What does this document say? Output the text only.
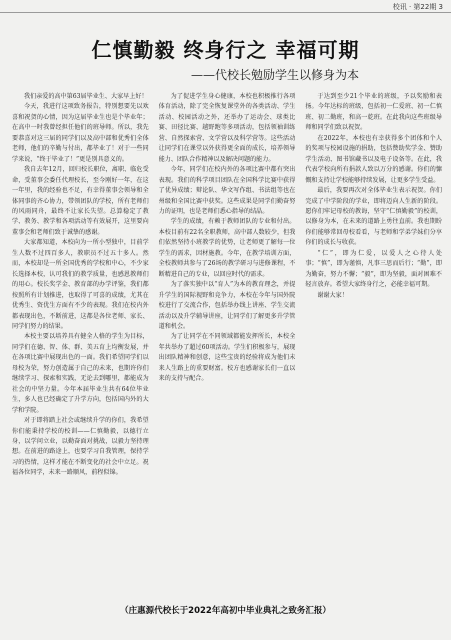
校讯 · 第22期 3
仁慎勤毅 终身行之 幸福可期
——代校长勉励学生以修身为本

我们亲爱的高中第63届毕业生、大家早上好！

今天，我进行这项致务报告，特别想要先以欢喜和祝贺的心情，因为这届毕业生也是个毕业年；在高中一时我曾经担任他们的班导师。所以，我先要恭喜对这三届的同学们以及高中部和优秀们全体老师，他们的辛勤与付出，都毕业了！对于一些同学来说，“终于毕业了！”更是别具意义的。

我自去年12月，回归校长职位，离职、临危受命，受董事会委任代理校长，至今刚好一年，在这一年里，我的经验也不足，有幸得董事会领导和全体同事的齐心协力，带领团队的学校，所有老师们的风雨同舟，最终不让家长失望。总算稳定了教学、教务、教学和各项活动等有效展开，这里要向董事会和老师们致于诚挚的感谢。

大家都知道，本校向为一所小型独中，目前学生人数不过四百多人，教职员不过五十多人。然而，本校却是一所全国优秀的学校和中心，不少家长选择本校，认可我们的教学质量，也感恩教师们的用心。校长奖学金、教育部的办学评鉴，我们都按照所有计划推进，也取得了可喜的成绩，尤其在优秀生、资优生方面有不少的表现。我们在校内外都表现出色，不断前进，这都是各位老师、家长、同学们努力的结果。

本校主要以培养具有健全人格的学生为目标，同学们在德、智、体、群、美五育上均衡发展，并在各项比赛中展现出色的一面。我们希望同学们以母校为荣，努力创造属于自己的未来，也期许你们继续学习、探索和实践，无论去到哪里，都能成为社会的中坚力量。今年本届毕业生共有64位毕业生，多人也已经确定了升学方向，包括国内外的大学和学院。

对于即将踏上社会或继续升学的你们，我希望你们能秉持学校的校训——仁慎勤毅，以德行立身，以学问立业，以勤奋面对挑战，以毅力坚持理想。在前进的路途上，也要学习自我管理，保持学习的热情，这样才能在不断变化的社会中立足。祝福各位同学，未来一路顺风，前程似锦。

为了促进学生身心健康，本校也积极推行各项体育活动，除了完全恢复课堂外的各类活动、学生活动、校园活动之外，还举办了运动会、球类比赛、田径比赛、越野跑等多项活动，包括领袖训练营、自然探索营、文学营以及科学营等。这些活动让同学们在课堂以外获得更全面的成长，培养领导能力、团队合作精神以及解决问题的能力。

今年，同学们在校内外的各项比赛中都有突出表现。我们的科学项目团队在全国科学比赛中获得了优异成绩；辩论队、华文写作组、书法组等也在州级和全国比赛中获奖。这些成果是同学们勤奋努力的证明，也是老师们悉心指导的结晶。

学生的成绩，有赖于教师团队的专业和付出。本校目前有22名全职教师，高中部人数较少，但我们依然坚持小班教学的优势，让老师更了解每一位学生的需求，因材施教。今年，在教学培训方面，全校教师共参与了26场的教学研习与进修课程，不断精进自己的专业，以回应时代的需求。

为了落实独中以“育人”为本的教育理念，并提升学生的国际视野和竞争力，本校在今年与国外院校进行了交流合作，包括举办线上讲座、学生交流活动以及升学辅导讲座，让同学们了解更多升学管道和机会。

为了让同学在不同领域都能发挥所长，本校全年共举办了超过60项活动。学生们积极参与，展现出团队精神和创意，这些宝贵的经验将成为他们未来人生路上的重要财富。校方也感谢家长们一直以来的支持与配合。

于达到至少21个毕业的班级，予以奖励和表扬。今年达标的班级，包括初一仁爱班、初一仁慎班、初二勤班，和高一乾班。在此我向这些班级导师和同学们致以祝贺。

在2022年，本校也有幸获得多个团体和个人的奖项与校园设施的捐助，包括赞助奖学金、赞助学生活动、图书馆藏书以及电子设备等。在此，我代表学校向所有捐款人致以万分的感谢。你们的慷慨和支持让学校能够持续发展，让更多学生受益。

最后，我要再次对全体毕业生表示祝贺。你们完成了中学阶段的学业，即将迈向人生新的阶段。愿你们牢记母校的教诲，坚守“仁慎勤毅”的校训，以修身为本，在未来的道路上勇往直前。我也期盼你们能够常回母校看看，与老师和学弟学妹们分享你们的成长与收获。

“仁”，即为仁爱，以爱人之心待人处事；“慎”，即为谨慎，凡事三思而后行；“勤”，即为勤奋，努力不懈；“毅”，即为坚毅，面对困难不轻言放弃。希望大家终身行之，必能幸福可期。

谢谢大家！

（庄惠源代校长于2022年高初中毕业典礼之致务汇报）
